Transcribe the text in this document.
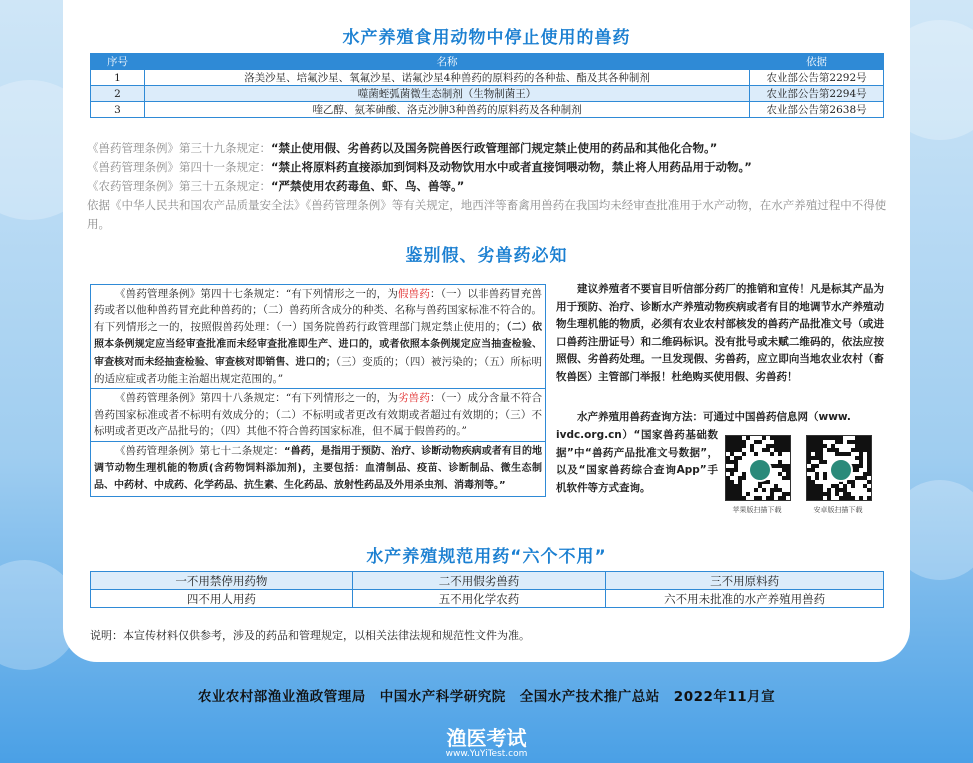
水产养殖食用动物中停止使用的兽药
序号	名称	依据
1	洛美沙星、培氟沙星、氧氟沙星、诺氟沙星4种兽药的原料药的各种盐、酯及其各种制剂	农业部公告第2292号
2	噬菌蛭弧菌微生态制剂（生物制菌王）	农业部公告第2294号
3	喹乙醇、氨苯砷酸、洛克沙胂3种兽药的原料药及各种制剂	农业部公告第2638号
《兽药管理条例》第三十九条规定：“禁止使用假、劣兽药以及国务院兽医行政管理部门规定禁止使用的药品和其他化合物。”
《兽药管理条例》第四十一条规定：“禁止将原料药直接添加到饲料及动物饮用水中或者直接饲喂动物，禁止将人用药品用于动物。”
《农药管理条例》第三十五条规定：“严禁使用农药毒鱼、虾、鸟、兽等。”
依据《中华人民共和国农产品质量安全法》《兽药管理条例》等有关规定，地西泮等畜禽用兽药在我国均未经审查批准用于水产动物，在水产养殖过程中不得使用。
鉴别假、劣兽药必知
《兽药管理条例》第四十七条规定：“有下列情形之一的，为假兽药：（一）以非兽药冒充兽药或者以他种兽药冒充此种兽药的；（二）兽药所含成分的种类、名称与兽药国家标准不符合的。有下列情形之一的，按照假兽药处理：（一）国务院兽药行政管理部门规定禁止使用的；（二）依照本条例规定应当经审查批准而未经审查批准即生产、进口的，或者依照本条例规定应当抽查检验、审查核对而未经抽查检验、审查核对即销售、进口的；（三）变质的；（四）被污染的；（五）所标明的适应症或者功能主治超出规定范围的。”
《兽药管理条例》第四十八条规定：“有下列情形之一的，为劣兽药：（一）成分含量不符合兽药国家标准或者不标明有效成分的；（二）不标明或者更改有效期或者超过有效期的；（三）不标明或者更改产品批号的；（四）其他不符合兽药国家标准，但不属于假兽药的。”
《兽药管理条例》第七十二条规定：“兽药，是指用于预防、治疗、诊断动物疾病或者有目的地调节动物生理机能的物质(含药物饲料添加剂)，主要包括：血清制品、疫苗、诊断制品、微生态制品、中药材、中成药、化学药品、抗生素、生化药品、放射性药品及外用杀虫剂、消毒剂等。”
建议养殖者不要盲目听信部分药厂的推销和宣传！凡是标其产品为用于预防、治疗、诊断水产养殖动物疾病或者有目的地调节水产养殖动物生理机能的物质，必须有农业农村部核发的兽药产品批准文号（或进口兽药注册证号）和二维码标识。没有批号或未赋二维码的，依法应按照假、劣兽药处理。一旦发现假、劣兽药，应立即向当地农业农村（畜牧兽医）主管部门举报！杜绝购买使用假、劣兽药！
水产养殖用兽药查询方法：可通过中国兽药信息网（www.
ivdc.org.cn）“国家兽药基础数据”中“兽药产品批准文号数据”，以及“国家兽药综合查询App”手机软件等方式查询。
苹果版扫描下载	安卓版扫描下载
水产养殖规范用药“六个不用”
一不用禁停用药物	二不用假劣兽药	三不用原料药
四不用人用药	五不用化学农药	六不用未批准的水产养殖用兽药
说明：本宣传材料仅供参考，涉及的药品和管理规定，以相关法律法规和规范性文件为准。
农业农村部渔业渔政管理局　中国水产科学研究院　全国水产技术推广总站　2022年11月宣
渔医考试
www.YuYiTest.com
